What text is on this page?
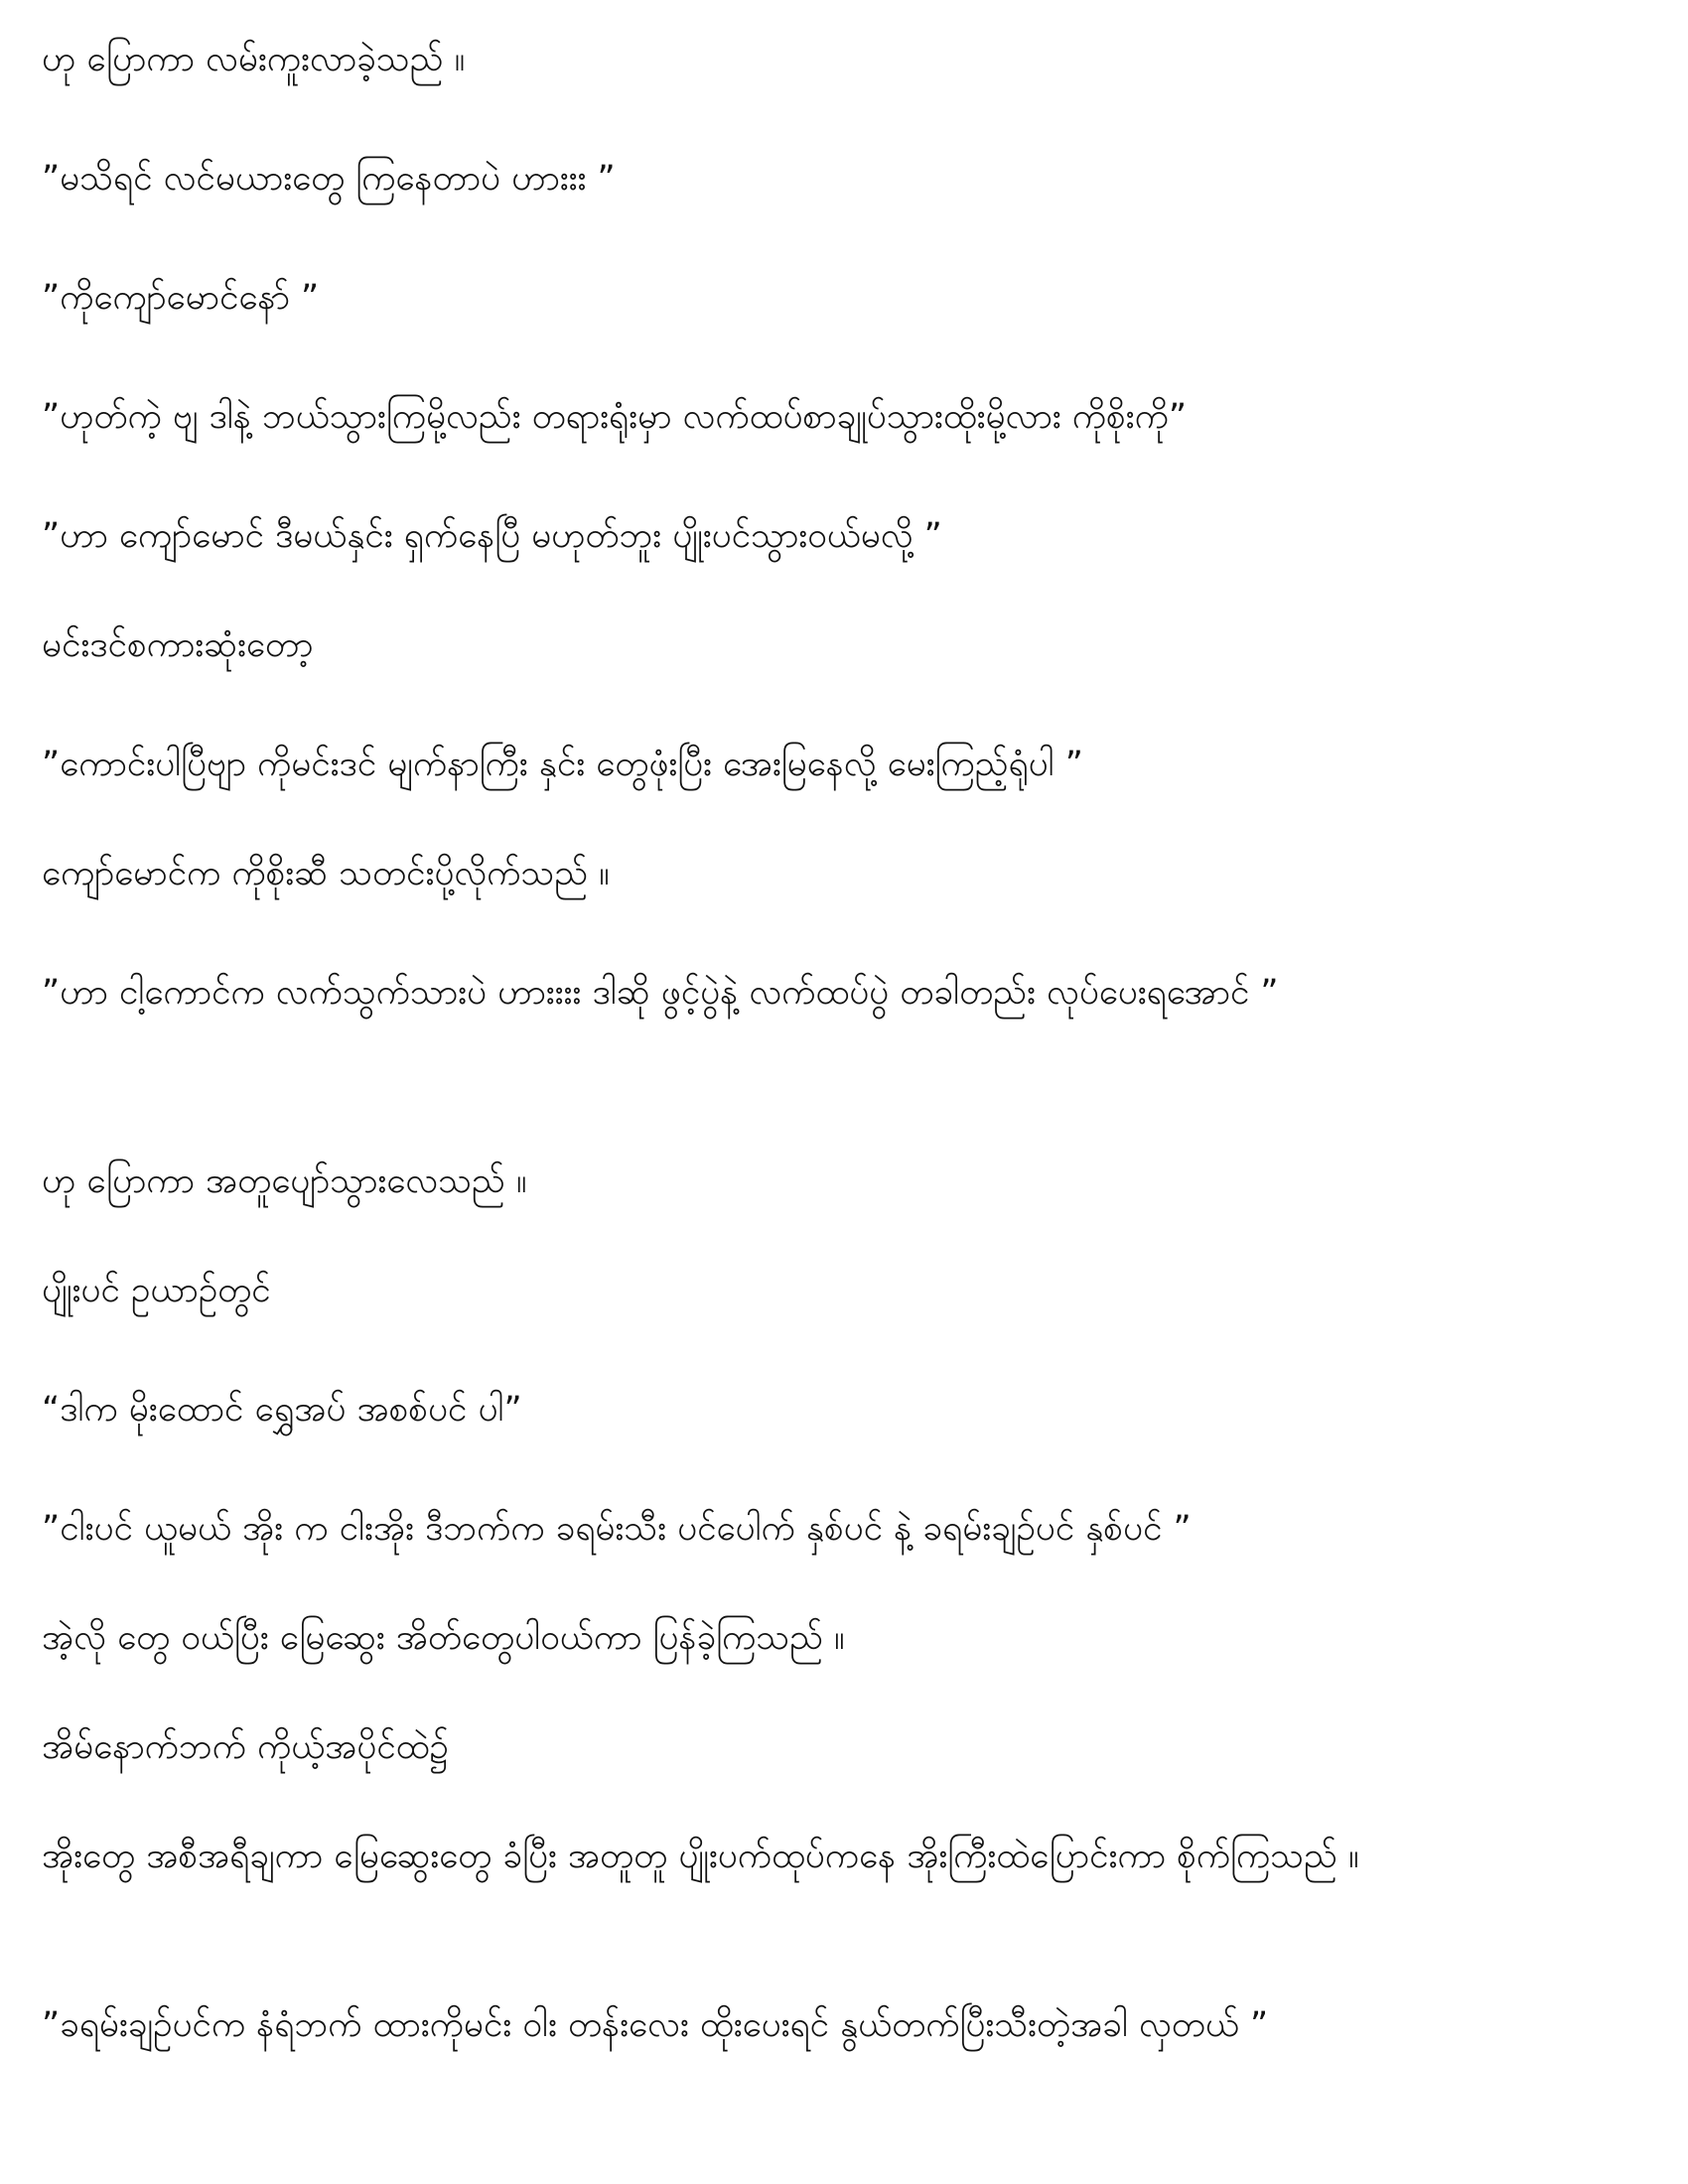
ဟု ပြောကာ လမ်းကူးလာခဲ့သည် ။

”မသိရင် လင်မယားတွေ ကြနေတာပဲ ဟားးး ”

”ကိုကျော်မောင်နော် ”

”ဟုတ်ကဲ့ ဗျ ဒါနဲ့ ဘယ်သွားကြမို့လည်း တရားရုံးမှာ လက်ထပ်စာချုပ်သွားထိုးမို့လား ကိုစိုးကို”

”ဟာ ကျော်မောင် ဒီမယ်နှင်း ရှက်နေပြီ မဟုတ်ဘူး ပျိုးပင်သွားဝယ်မလို့ ”

မင်းဒင်စကားဆုံးတော့

”ကောင်းပါပြီဗျာ ကိုမင်းဒင် မျက်နာကြီး နှင်း တွေဖုံးပြီး အေးမြနေလို့ မေးကြည့်ရုံပါ ”

ကျော်မောင်က ကိုစိုးဆီ သတင်းပို့လိုက်သည် ။

”ဟာ ငါ့ကောင်က လက်သွက်သားပဲ ဟားးးး ဒါဆို ဖွင့်ပွဲနဲ့ လက်ထပ်ပွဲ တခါတည်း လုပ်ပေးရအောင် ”

ဟု ပြောကာ အတူပျော်သွားလေသည် ။

ပျိုးပင် ဥယာဉ်တွင်

“ဒါက မိုးထောင် ရွှေအပ် အစစ်ပင် ပါ”

”ငါးပင် ယူမယ် အိုး က ငါးအိုး ဒီဘက်က ခရမ်းသီး ပင်ပေါက် နှစ်ပင် နဲ့ ခရမ်းချဉ်ပင် နှစ်ပင် ”

အဲ့လို တွေ ဝယ်ပြီး မြေဆွေး အိတ်တွေပါဝယ်ကာ ပြန်ခဲ့ကြသည် ။

အိမ်နောက်ဘက် ကိုယ့်အပိုင်ထဲ၌

အိုးတွေ အစီအရီချကာ မြေဆွေးတွေ ခံပြီး အတူတူ ပျိုးပက်ထုပ်ကနေ အိုးကြီးထဲပြောင်းကာ စိုက်ကြသည် ။

”ခရမ်းချဉ်ပင်က နံရံဘက် ထားကိုမင်း ဝါး တန်းလေး ထိုးပေးရင် နွယ်တက်ပြီးသီးတဲ့အခါ လှတယ် ”
